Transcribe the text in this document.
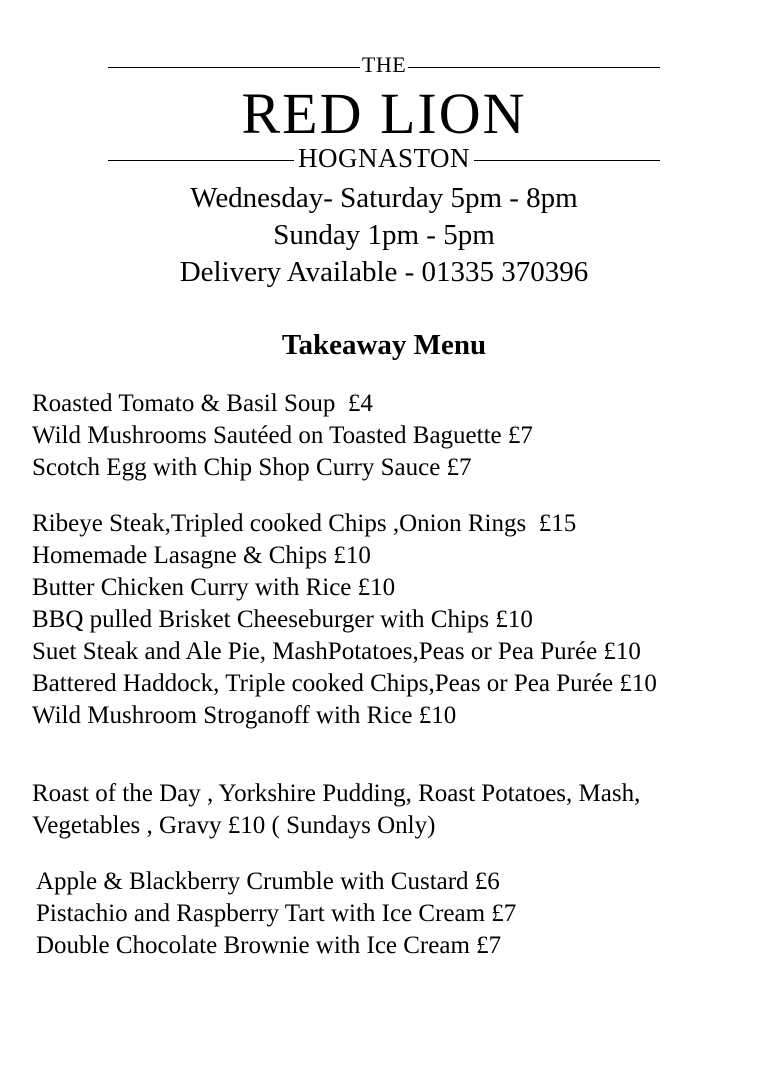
THE
RED LION
HOGNASTON
Wednesday- Saturday 5pm - 8pm
Sunday 1pm - 5pm
Delivery Available - 01335 370396
Takeaway Menu
Roasted Tomato & Basil Soup  £4
Wild Mushrooms Sautéed on Toasted Baguette £7
Scotch Egg with Chip Shop Curry Sauce £7
Ribeye Steak,Tripled cooked Chips ,Onion Rings  £15
Homemade Lasagne & Chips £10
Butter Chicken Curry with Rice £10
BBQ pulled Brisket Cheeseburger with Chips £10
Suet Steak and Ale Pie, MashPotatoes,Peas or Pea Purée £10
Battered Haddock, Triple cooked Chips,Peas or Pea Purée £10
Wild Mushroom Stroganoff with Rice £10
Roast of the Day , Yorkshire Pudding, Roast Potatoes, Mash,
Vegetables , Gravy £10 ( Sundays Only)
Apple & Blackberry Crumble with Custard £6
Pistachio and Raspberry Tart with Ice Cream £7
Double Chocolate Brownie with Ice Cream £7
